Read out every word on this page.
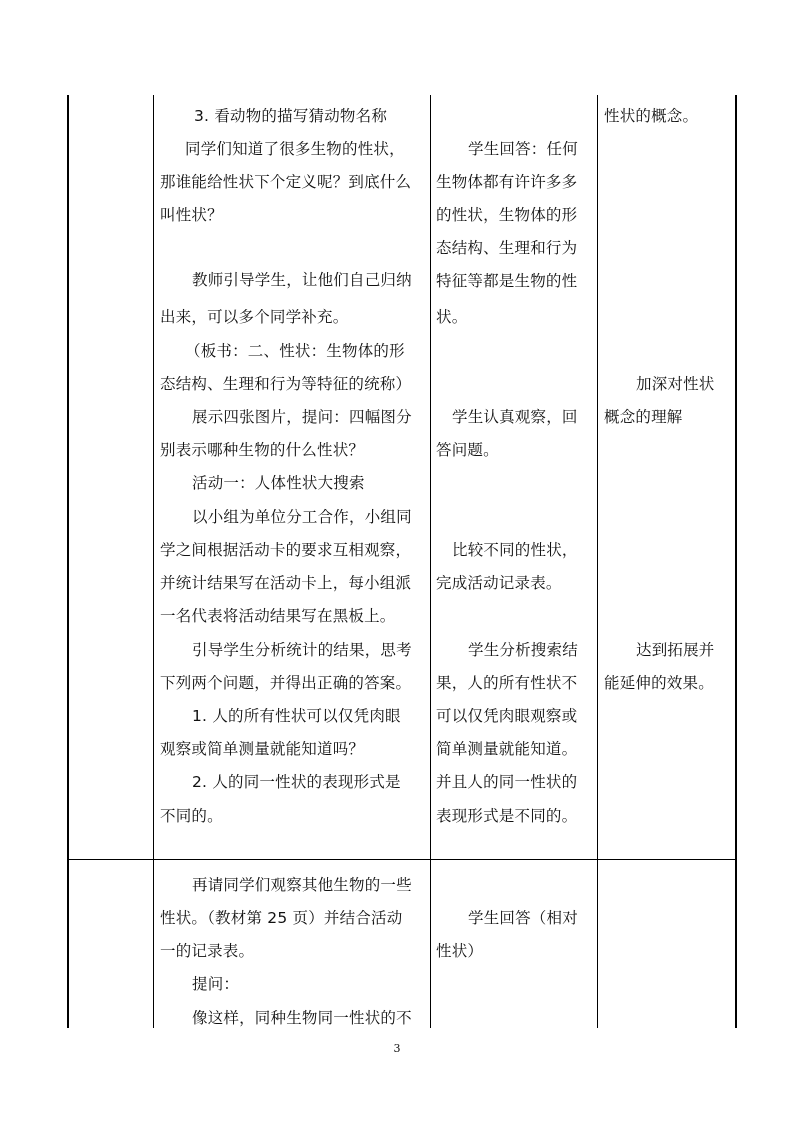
3. 看动物的描写猜动物名称
同学们知道了很多生物的性状，
那谁能给性状下个定义呢？到底什么
叫性状？
教师引导学生，让他们自己归纳
出来，可以多个同学补充。
（板书：二、性状：生物体的形
态结构、生理和行为等特征的统称）
展示四张图片，提问：四幅图分
别表示哪种生物的什么性状？
活动一：人体性状大搜索
以小组为单位分工合作，小组同
学之间根据活动卡的要求互相观察，
并统计结果写在活动卡上，每小组派
一名代表将活动结果写在黑板上。
引导学生分析统计的结果，思考
下列两个问题，并得出正确的答案。
1. 人的所有性状可以仅凭肉眼
观察或简单测量就能知道吗？
2. 人的同一性状的表现形式是
不同的。
学生回答：任何
生物体都有许许多多
的性状，生物体的形
态结构、生理和行为
特征等都是生物的性
状。
学生认真观察，回
答问题。
比较不同的性状，
完成活动记录表。
学生分析搜索结
果，人的所有性状不
可以仅凭肉眼观察或
简单测量就能知道。
并且人的同一性状的
表现形式是不同的。
性状的概念。
加深对性状
概念的理解
达到拓展并
能延伸的效果。
再请同学们观察其他生物的一些
性状。（教材第 25 页）并结合活动
一的记录表。
提问：
像这样，同种生物同一性状的不
学生回答（相对
性状）
3
